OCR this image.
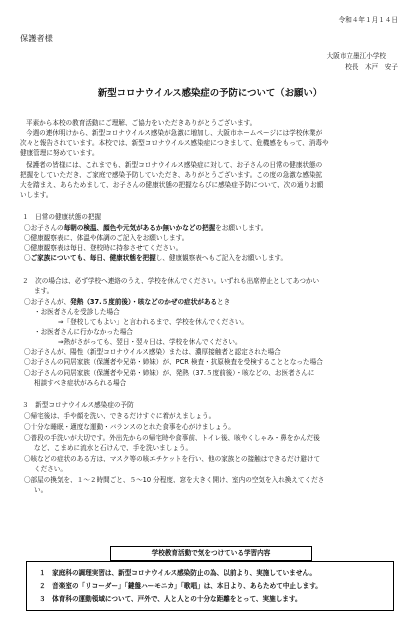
令和４年１月１４日
保護者様
大阪市立墨江小学校
校長　木戸　安子
新型コロナウイルス感染症の予防について（お願い）
平素から本校の教育活動にご理解、ご協力をいただきありがとうございます。
今週の連休明けから、新型コロナウイルス感染が急激に増加し、大阪市ホームページには学校休業が
次々と報告されています。本校では、新型コロナウイルス感染症につきまして、危機感をもって、消毒や
健康管理に努めています。
保護者の皆様には、これまでも、新型コロナウイルス感染症に対して、お子さんの日常の健康状態の
把握をしていただき、ご家庭で感染予防していただき、ありがとうございます。この度の急激な感染拡
大を踏まえ、あらためまして、お子さんの健康状態の把握ならびに感染症予防について、次の通りお願
いします。
１　日常の健康状態の把握
〇お子さんの毎朝の検温、顔色や元気があるか無いかなどの把握をお願いします。
〇健康観察表に、体温や体調のご記入をお願いします。
〇健康観察表は毎日、登校時に持参させてください。
〇ご家族についても、毎日、健康状態を把握し、健康観察表へもご記入をお願いします。
２　次の場合は、必ず学校へ連絡のうえ、学校を休んでください。いずれも出席停止としてあつかい
ます。
〇お子さんが、発熱（37.５度前後）・咳などのかぜの症状があるとき
・お医者さんを受診した場合
⇒「登校してもよい」と言われるまで、学校を休んでください。
・お医者さんに行かなかった場合
⇒熱がさがっても、翌日・翌々日は、学校を休んでください。
〇お子さんが、陽性（新型コロナウイルス感染）または、濃厚接触者と認定された場合
〇お子さんの同居家族（保護者や兄弟・姉妹）が、PCR 検査・抗原検査を受検することとなった場合
〇お子さんの同居家族（保護者や兄弟・姉妹）が、発熱（37.５度前後）・咳などの、お医者さんに
相談すべき症状がみられる場合
３　新型コロナウイルス感染症の予防
〇帰宅後は、手や顔を洗い、できるだけすぐに着がえましょう。
〇十分な睡眠・適度な運動・バランスのとれた食事を心がけましょう。
〇普段の手洗いが大切です。外出先からの帰宅時や食事前、トイレ後、咳やくしゃみ・鼻をかんだ後
など、こまめに流水と石けんで、手を洗いましょう。
〇咳などの症状のある方は、マスク等の咳エチケットを行い、他の家族との接触はできるだけ避けて
ください。
〇部屋の換気を、１～２時間ごと、５～10 分程度、窓を大きく開け、室内の空気を入れ換えてくださ
い。
１　家庭科の調理実習は、新型コロナウイルス感染防止の為、以前より、実施していません。
２　音楽室の「リコーダー」「鍵盤ハーモニカ」「歌唱」は、本日より、あらためて中止します。
３　体育科の運動領域について、戸外で、人と人との十分な距離をとって、実施します。
学校教育活動で気をつけている学習内容
